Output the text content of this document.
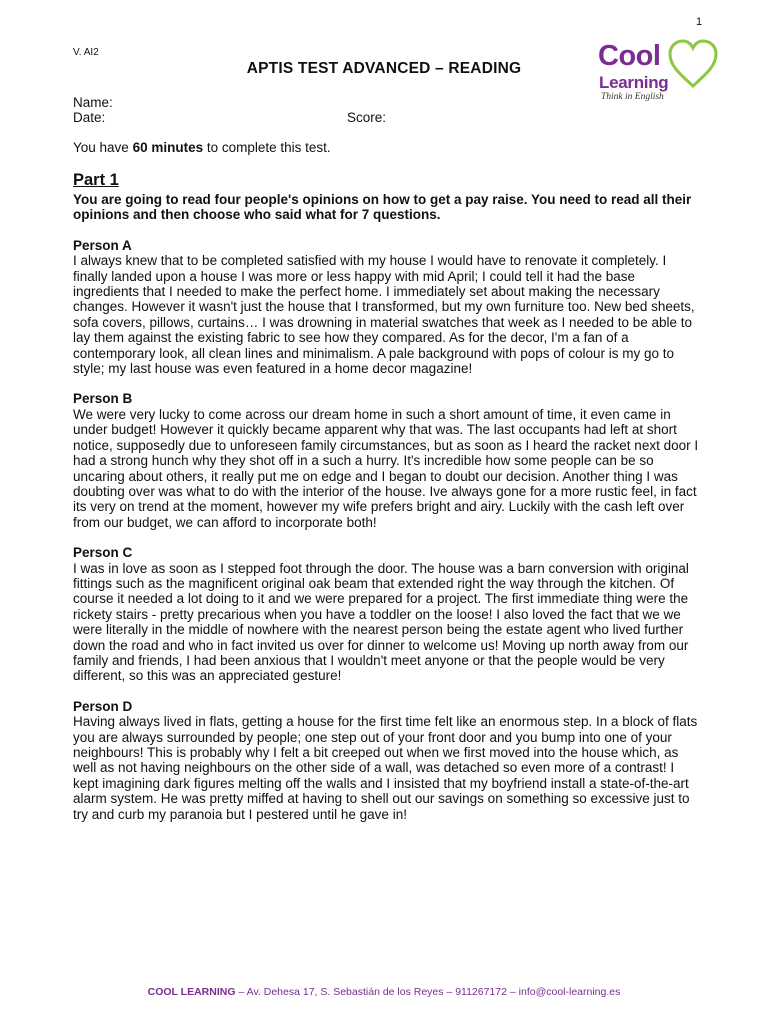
1
V. AI2
APTIS TEST ADVANCED – READING	Cool
Learning
Think in English
Name:
Date:	Score:
You have 60 minutes to complete this test.
Part 1
You are going to read four people's opinions on how to get a pay raise. You need to read all their opinions and then choose who said what for 7 questions.
Person A
I always knew that to be completed satisfied with my house I would have to renovate it completely. I finally landed upon a house I was more or less happy with mid April; I could tell it had the base ingredients that I needed to make the perfect home. I immediately set about making the necessary changes. However it wasn't just the house that I transformed, but my own furniture too. New bed sheets, sofa covers, pillows, curtains… I was drowning in material swatches that week as I needed to be able to lay them against the existing fabric to see how they compared. As for the decor, I'm a fan of a contemporary look, all clean lines and minimalism. A pale background with pops of colour is my go to style; my last house was even featured in a home decor magazine!
Person B
We were very lucky to come across our dream home in such a short amount of time, it even came in under budget! However it quickly became apparent why that was. The last occupants had left at short notice, supposedly due to unforeseen family circumstances, but as soon as I heard the racket next door I had a strong hunch why they shot off in a such a hurry. It's incredible how some people can be so uncaring about others, it really put me on edge and I began to doubt our decision. Another thing I was doubting over was what to do with the interior of the house. Ive always gone for a more rustic feel, in fact its very on trend at the moment, however my wife prefers bright and airy. Luckily with the cash left over from our budget, we can afford to incorporate both!
Person C
I was in love as soon as I stepped foot through the door. The house was a barn conversion with original fittings such as the magnificent original oak beam that extended right the way through the kitchen. Of course it needed a lot doing to it and we were prepared for a project. The first immediate thing were the rickety stairs - pretty precarious when you have a toddler on the loose! I also loved the fact that we we were literally in the middle of nowhere with the nearest person being the estate agent who lived further down the road and who in fact invited us over for dinner to welcome us! Moving up north away from our family and friends, I had been anxious that I wouldn't meet anyone or that the people would be very different, so this was an appreciated gesture!
Person D
Having always lived in flats, getting a house for the first time felt like an enormous step. In a block of flats you are always surrounded by people; one step out of your front door and you bump into one of your neighbours! This is probably why I felt a bit creeped out when we first moved into the house which, as well as not having neighbours on the other side of a wall, was detached so even more of a contrast! I kept imagining dark figures melting off the walls and I insisted that my boyfriend install a state-of-the-art alarm system. He was pretty miffed at having to shell out our savings on something so excessive just to try and curb my paranoia but I pestered until he gave in!
COOL LEARNING – Av. Dehesa 17, S. Sebastián de los Reyes – 911267172 – info@cool-learning.es
